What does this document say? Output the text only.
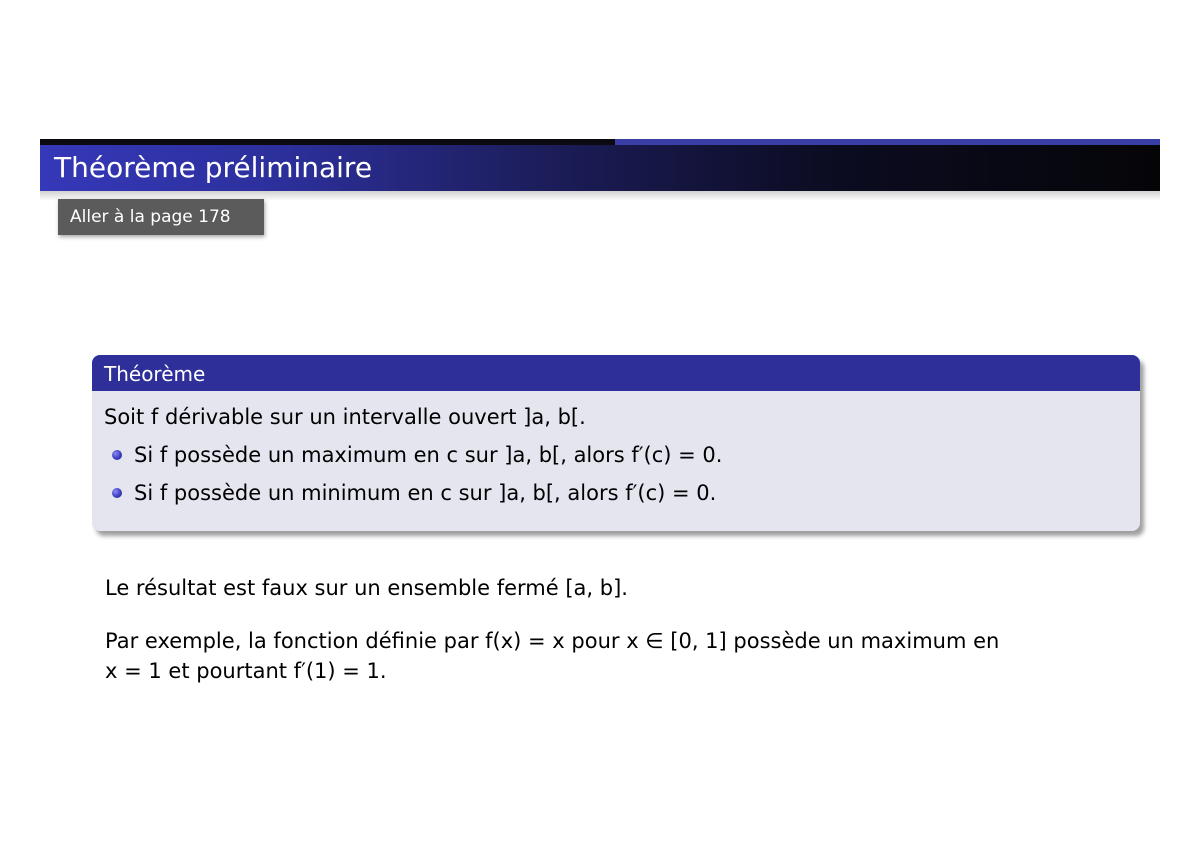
Théorème préliminaire
Aller à la page 178
Théorème

Soit f dérivable sur un intervalle ouvert ]a, b[.

Si f possède un maximum en c sur ]a, b[, alors f′(c) = 0.
Si f possède un minimum en c sur ]a, b[, alors f′(c) = 0.

Le résultat est faux sur un ensemble fermé [a, b].

Par exemple, la fonction définie par f(x) = x pour x ∈ [0, 1] possède un maximum en

x = 1 et pourtant f′(1) = 1.
